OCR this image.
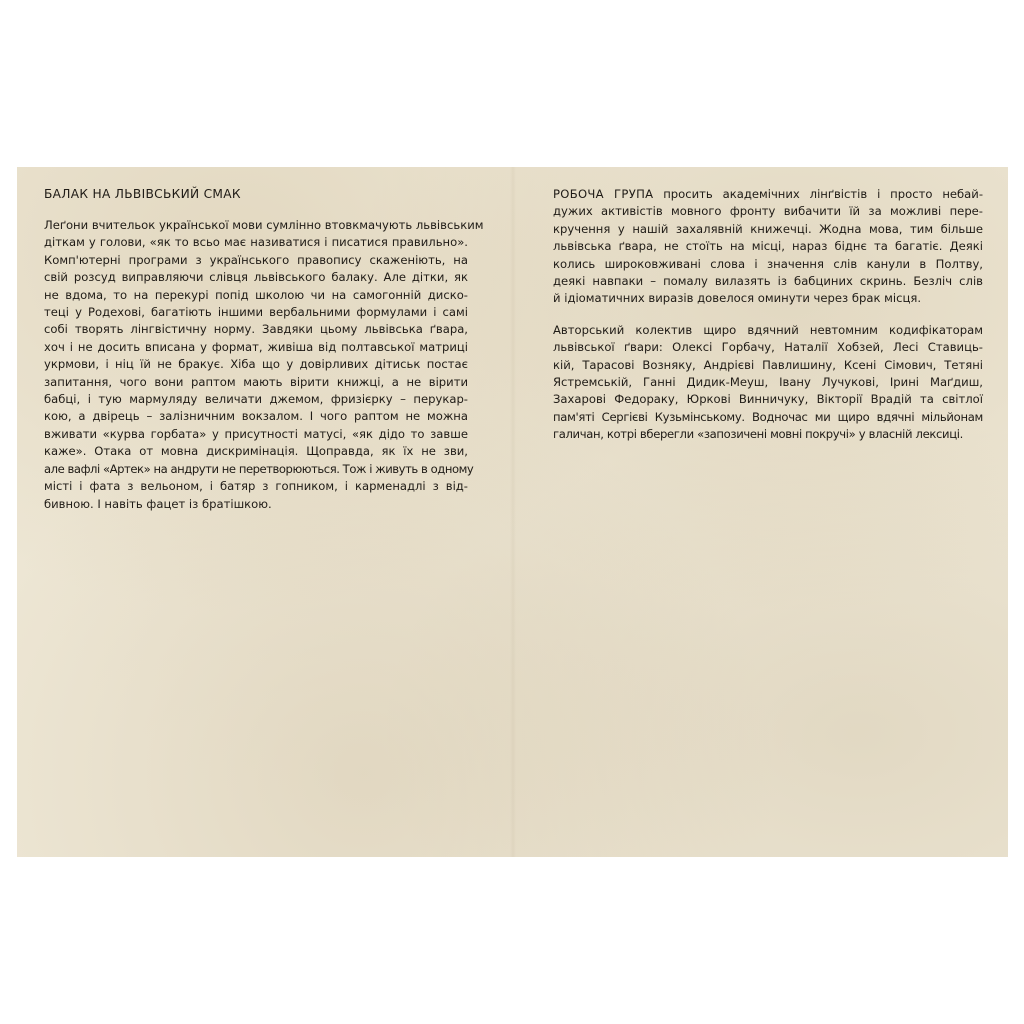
БАЛАК НА ЛЬВІВСЬКИЙ СМАК
Леґони вчительок української мови сумлінно втовкмачують львівським
діткам у голови, «як то всьо має називатися і писатися правильно».
Комп'ютерні програми з українського правопису скаженіють, на
свій розсуд виправляючи слівця львівського балаку. Але дітки, як
не вдома, то на перекурі попід школою чи на самогонній диско-
теці у Родехові, багатіють іншими вербальними формулами і самі
собі творять лінгвістичну норму. Завдяки цьому львівська ґвара,
хоч і не досить вписана у формат, живіша від полтавської матриці
укрмови, і ніц їй не бракує. Хіба що у довірливих дітиськ постає
запитання, чого вони раптом мають вірити книжці, а не вірити
бабці, і тую мармуляду величати джемом, фризієрку – перукар-
кою, а двірець – залізничним вокзалом. І чого раптом не можна
вживати «курва горбата» у присутності матусі, «як дідо то завше
каже». Отака от мовна дискримінація. Щоправда, як їх не зви,
але вафлі «Артек» на андрути не перетворюються. Тож і живуть в одному
місті і фата з вельоном, і батяр з гопником, і карменадлі з від-
бивною. І навіть фацет із братішкою.
РОБОЧА ГРУПА просить академічних лінґвістів і просто небай-
дужих активістів мовного фронту вибачити їй за можливі пере-
кручення у нашій захалявній книжечці. Жодна мова, тим більше
львівська ґвара, не стоїть на місці, нараз біднє та багатіє. Деякі
колись широковживані слова і значення слів канули в Полтву,
деякі навпаки – помалу вилазять із бабциних скринь. Безліч слів
й ідіоматичних виразів довелося оминути через брак місця.
Авторський колектив щиро вдячний невтомним кодифікаторам
львівської ґвари: Олексі Горбачу, Наталії Хобзей, Лесі Ставиць-
кій, Тарасові Возняку, Андрієві Павлишину, Ксені Сімович, Тетяні
Ястремській, Ганні Дидик-Меуш, Івану Лучукові, Ірині Маґдиш,
Захарові Федораку, Юркові Винничуку, Вікторії Врадій та світлої
пам'яті Сергієві Кузьмінському. Водночас ми щиро вдячні мільйонам
галичан, котрі вберегли «запозичені мовні покручі» у власній лексиці.
